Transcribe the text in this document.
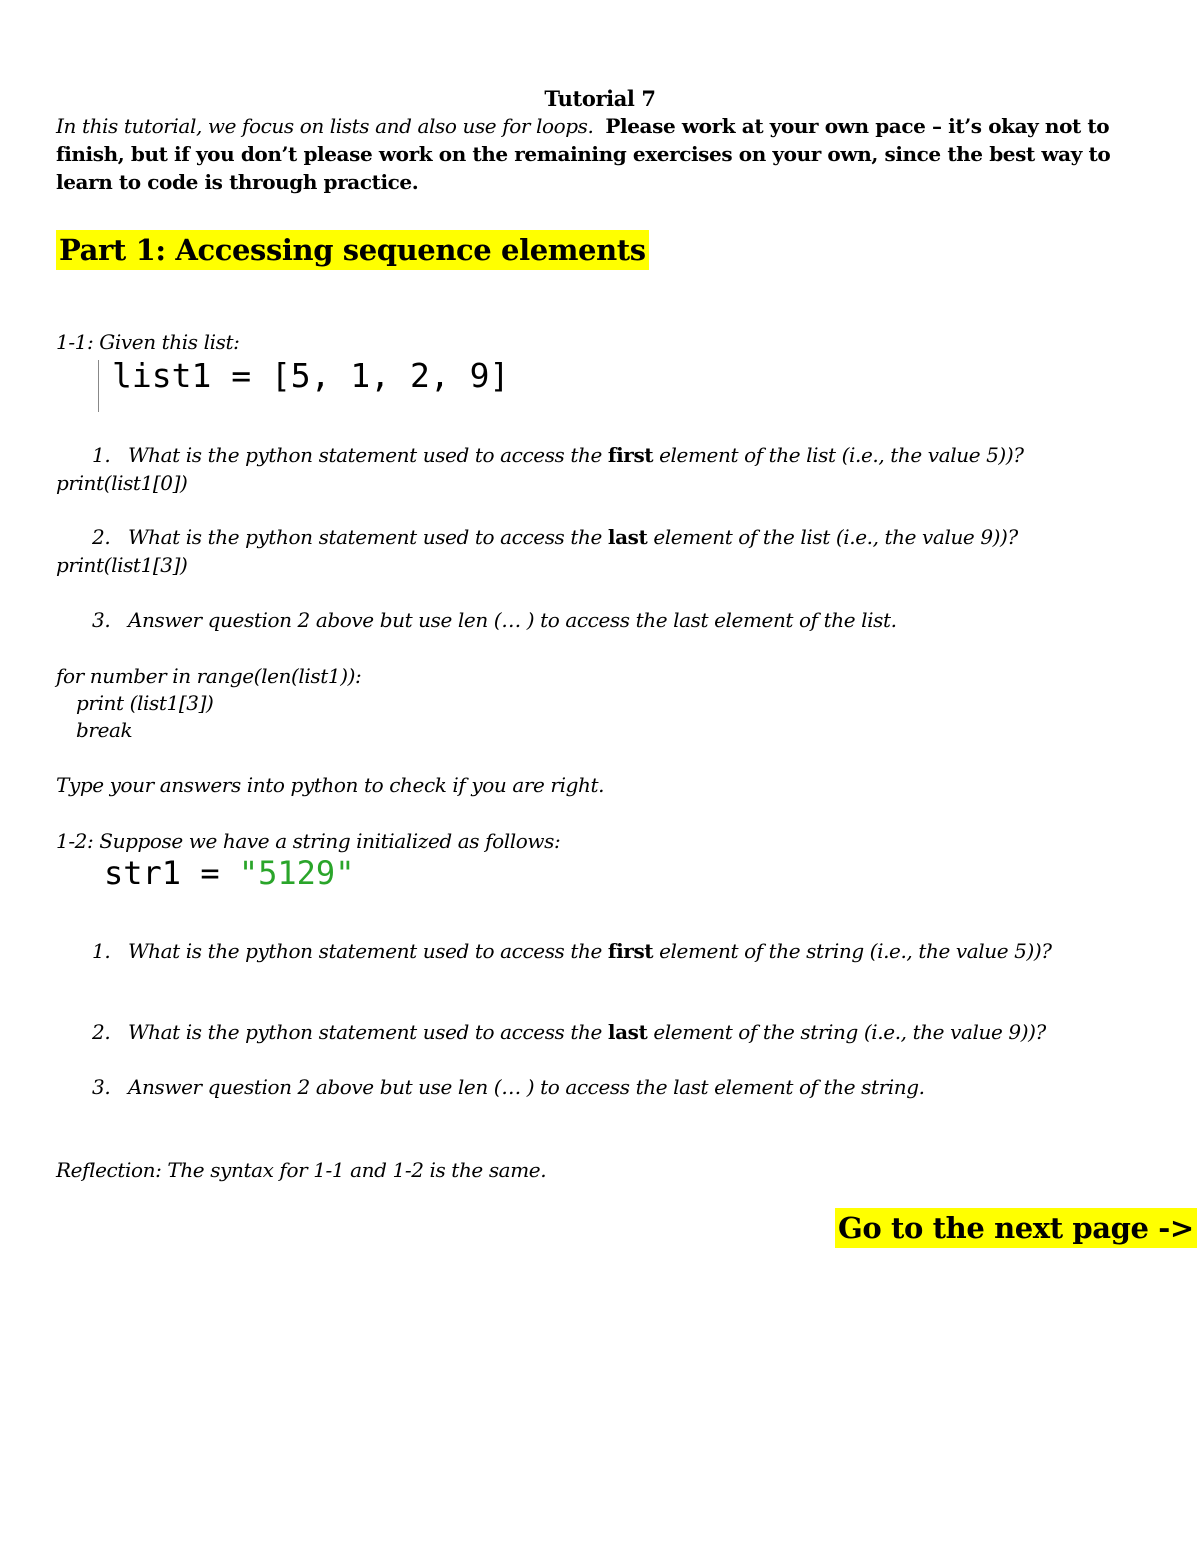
Tutorial 7
In this tutorial, we focus on lists and also use for loops. Please work at your own pace – it’s okay not to finish, but if you don’t please work on the remaining exercises on your own, since the best way to learn to code is through practice.
Part 1: Accessing sequence elements
1-1: Given this list:
list1 = [5, 1, 2, 9]
1. What is the python statement used to access the first element of the list (i.e., the value 5))?
print(list1[0])
2. What is the python statement used to access the last element of the list (i.e., the value 9))?
print(list1[3])
3. Answer question 2 above but use len (… ) to access the last element of the list.
for number in range(len(list1)):
print (list1[3])
break
Type your answers into python to check if you are right.
1-2: Suppose we have a string initialized as follows:
str1 = "5129"
1. What is the python statement used to access the first element of the string (i.e., the value 5))?
2. What is the python statement used to access the last element of the string (i.e., the value 9))?
3. Answer question 2 above but use len (… ) to access the last element of the string.
Reflection: The syntax for 1-1 and 1-2 is the same.
Go to the next page ->
